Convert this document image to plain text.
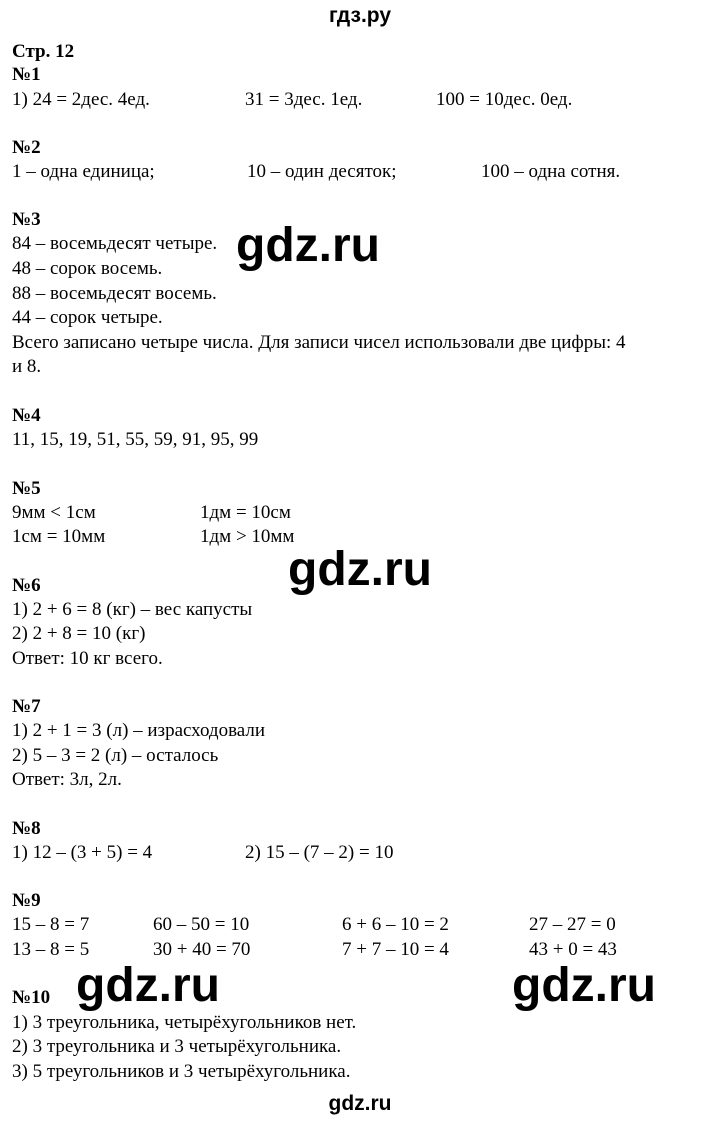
гдз.ру
Стр. 12
№1
1) 24 = 2дес. 4ед.	31 = 3дес. 1ед.	100 = 10дес. 0ед.
№2
1 – одна единица;	10 – один десяток;	100 – одна сотня.
№3
84 – восемьдесят четыре.
48 – сорок восемь.
88 – восемьдесят восемь.
44 – сорок четыре.
Всего записано четыре числа. Для записи чисел использовали две цифры: 4
и 8.
№4
11, 15, 19, 51, 55, 59, 91, 95, 99
№5
9мм < 1см	1дм = 10см
1см = 10мм	1дм > 10мм
№6
1) 2 + 6 = 8 (кг) – вес капусты
2) 2 + 8 = 10 (кг)
Ответ: 10 кг всего.
№7
1) 2 + 1 = 3 (л) – израсходовали
2) 5 – 3 = 2 (л) – осталось
Ответ: 3л, 2л.
№8
1) 12 – (3 + 5) = 4	2) 15 – (7 – 2) = 10
№9
15 – 8 = 7	60 – 50 = 10	6 + 6 – 10 = 2	27 – 27 = 0
13 – 8 = 5	30 + 40 = 70	7 + 7 – 10 = 4	43 + 0 = 43
№10
1) 3 треугольника, четырёхугольников нет.
2) 3 треугольника и 3 четырёхугольника.
3) 5 треугольников и 3 четырёхугольника.
gdz.ru
gdz.ru
gdz.ru	gdz.ru
gdz.ru
